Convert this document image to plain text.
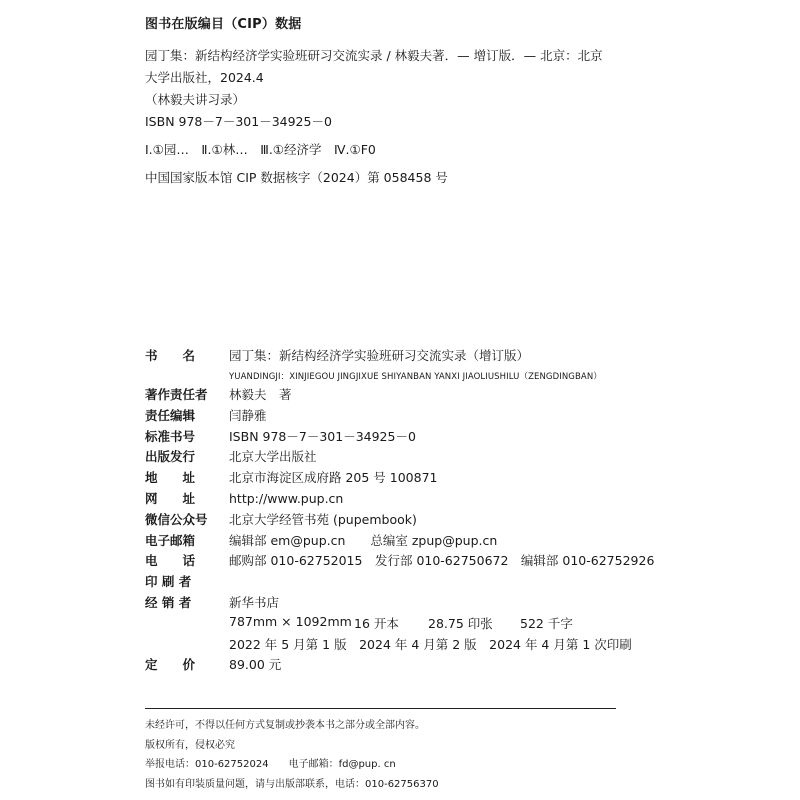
图书在版编目（CIP）数据
园丁集：新结构经济学实验班研习交流实录 / 林毅夫著．— 增订版．— 北京：北京
大学出版社，2024.4
（林毅夫讲习录）
ISBN 978－7－301－34925－0
Ⅰ.①园…　Ⅱ.①林…　Ⅲ.①经济学　Ⅳ.①F0
中国国家版本馆 CIP 数据核字（2024）第 058458 号
书　　名	园丁集：新结构经济学实验班研习交流实录（增订版）
YUANDINGJI：XINJIEGOU JINGJIXUE SHIYANBAN YANXI JIAOLIUSHILU（ZENGDINGBAN）
著作责任者	林毅夫　著
责任编辑	闫静雅
标准书号	ISBN 978－7－301－34925－0
出版发行	北京大学出版社
地　　址	北京市海淀区成府路 205 号 100871
网　　址	http://www.pup.cn
微信公众号	北京大学经管书苑 (pupembook)
电子邮箱	编辑部 em@pup.cn　　总编室 zpup@pup.cn
电　　话	邮购部 010-62752015　发行部 010-62750672　编辑部 010-62752926
印 刷 者
经 销 者	新华书店
787mm × 1092mm 16 开本	28.75 印张	522 千字
2022 年 5 月第 1 版　2024 年 4 月第 2 版　2024 年 4 月第 1 次印刷
定　　价	89.00 元
未经许可，不得以任何方式复制或抄袭本书之部分或全部内容。
版权所有，侵权必究
举报电话：010-62752024　　电子邮箱：fd@pup. cn
图书如有印装质量问题，请与出版部联系，电话：010-62756370
